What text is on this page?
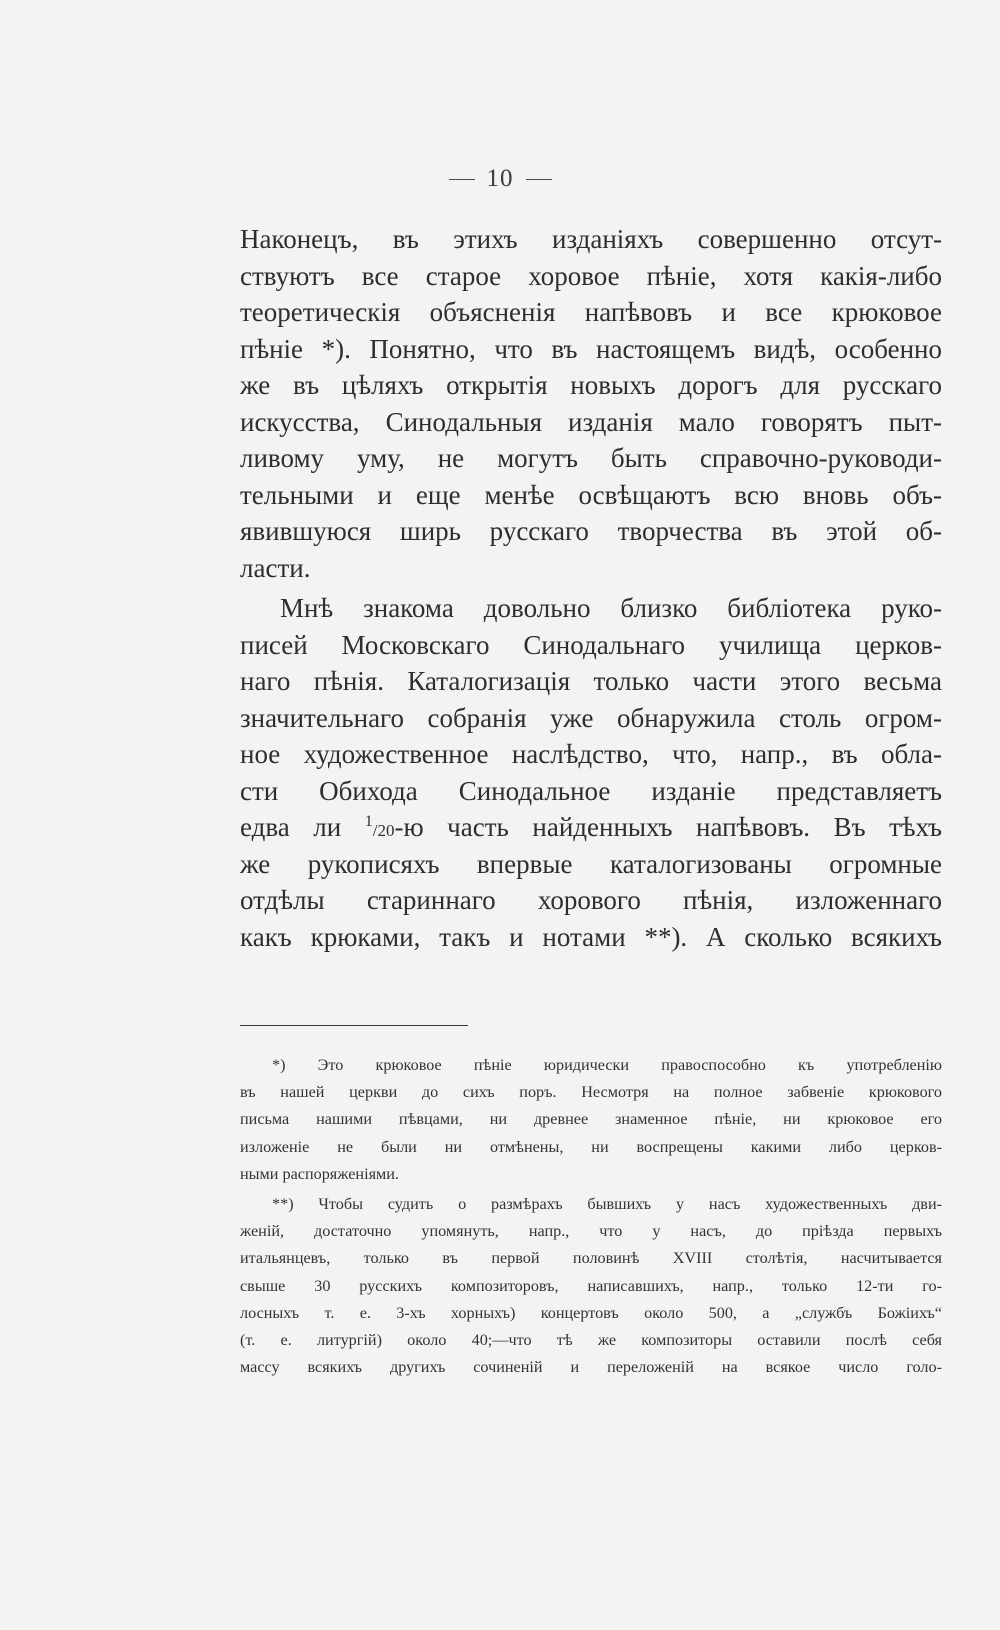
10
Наконецъ, въ этихъ изданіяхъ совершенно отсут-
ствуютъ все старое хоровое пѣніе, хотя какія-либо
теоретическія объясненія напѣвовъ и все крюковое
пѣніе *). Понятно, что въ настоящемъ видѣ, особенно
же въ цѣляхъ открытія новыхъ дорогъ для русскаго
искусства, Синодальныя изданія мало говорятъ пыт-
ливому уму, не могутъ быть справочно-руководи-
тельными и еще менѣе освѣщаютъ всю вновь объ-
явившуюся ширь русскаго творчества въ этой об-
ласти.
Мнѣ знакома довольно близко библіотека руко-
писей Московскаго Синодальнаго училища церков-
наго пѣнія. Каталогизація только части этого весьма
значительнаго собранія уже обнаружила столь огром-
ное художественное наслѣдство, что, напр., въ обла-
сти Обихода Синодальное изданіе представляетъ
едва ли $^1$/20-ю часть найденныхъ напѣвовъ. Въ тѣхъ
же рукописяхъ впервые каталогизованы огромные
отдѣлы стариннаго хорового пѣнія, изложеннаго
какъ крюками, такъ и нотами **). А сколько всякихъ
*) Это крюковое пѣніе юридически правоспособно къ употребленію
въ нашей церкви до сихъ поръ. Несмотря на полное забвеніе крюкового
письма нашими пѣвцами, ни древнее знаменное пѣніе, ни крюковое его
изложеніе не были ни отмѣнены, ни воспрещены какими либо церков-
ными распоряженіями.
**) Чтобы судить о размѣрахъ бывшихъ у насъ художественныхъ дви-
женій, достаточно упомянуть, напр., что у насъ, до пріѣзда первыхъ
итальянцевъ, только въ первой половинѣ XVIII столѣтія, насчитывается
свыше 30 русскихъ композиторовъ, написавшихъ, напр., только 12-ти го-
лосныхъ т. е. 3-хъ хорныхъ) концертовъ около 500, а „службъ Божіихъ“
(т. е. литургій) около 40;—что тѣ же композиторы оставили послѣ себя
массу всякихъ другихъ сочиненій и переложеній на всякое число голо-
